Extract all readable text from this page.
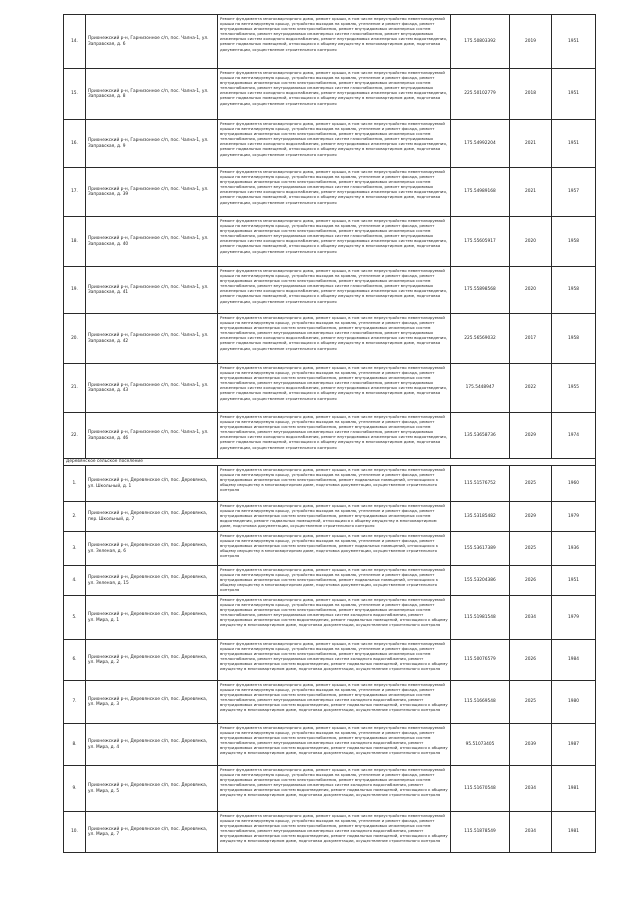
14.	Прионежский р-н, Гарнизонное с/п, пос. Чална-1, ул. Заправская, д. 6	Ремонт фундамента многоквартирного дома, ремонт крыши, в том числе переустройство невентилируемой крыши на вентилируемую крышу, устройство выходов на кровлю, утепление и ремонт фасада, ремонт внутридомовых инженерных систем электроснабжения, ремонт внутридомовых инженерных систем теплоснабжения, ремонт внутридомовых инженерных систем газоснабжения, ремонт внутридомовых инженерных систем холодного водоснабжения, ремонт внутридомовых инженерных систем водоотведения, ремонт подвальных помещений, относящихся к общему имуществу в многоквартирном доме, подготовка документации, осуществление строительного контроля	175.50803392	2019	1951
15.	Прионежский р-н, Гарнизонное с/п, пос. Чална-1, ул. Заправская, д. 8	Ремонт фундамента многоквартирного дома, ремонт крыши, в том числе переустройство невентилируемой крыши на вентилируемую крышу, устройство выходов на кровлю, утепление и ремонт фасада, ремонт внутридомовых инженерных систем электроснабжения, ремонт внутридомовых инженерных систем теплоснабжения, ремонт внутридомовых инженерных систем газоснабжения, ремонт внутридомовых инженерных систем холодного водоснабжения, ремонт внутридомовых инженерных систем водоотведения, ремонт подвальных помещений, относящихся к общему имуществу в многоквартирном доме, подготовка документации, осуществление строительного контроля	225.50102779	2018	1951
16.	Прионежский р-н, Гарнизонное с/п, пос. Чална-1, ул. Заправская, д. 9	Ремонт фундамента многоквартирного дома, ремонт крыши, в том числе переустройство невентилируемой крыши на вентилируемую крышу, устройство выходов на кровлю, утепление и ремонт фасада, ремонт внутридомовых инженерных систем электроснабжения, ремонт внутридомовых инженерных систем теплоснабжения, ремонт внутридомовых инженерных систем газоснабжения, ремонт внутридомовых инженерных систем холодного водоснабжения, ремонт внутридомовых инженерных систем водоотведения, ремонт подвальных помещений, относящихся к общему имуществу в многоквартирном доме, подготовка документации, осуществление строительного контроля	175.54992204	2021	1951
17.	Прионежский р-н, Гарнизонное с/п, пос. Чална-1, ул. Заправская, д. 39	Ремонт фундамента многоквартирного дома, ремонт крыши, в том числе переустройство невентилируемой крыши на вентилируемую крышу, устройство выходов на кровлю, утепление и ремонт фасада, ремонт внутридомовых инженерных систем электроснабжения, ремонт внутридомовых инженерных систем теплоснабжения, ремонт внутридомовых инженерных систем газоснабжения, ремонт внутридомовых инженерных систем холодного водоснабжения, ремонт внутридомовых инженерных систем водоотведения, ремонт подвальных помещений, относящихся к общему имуществу в многоквартирном доме, подготовка документации, осуществление строительного контроля	175.54989168	2021	1957
18.	Прионежский р-н, Гарнизонное с/п, пос. Чална-1, ул. Заправская, д. 40	Ремонт фундамента многоквартирного дома, ремонт крыши, в том числе переустройство невентилируемой крыши на вентилируемую крышу, устройство выходов на кровлю, утепление и ремонт фасада, ремонт внутридомовых инженерных систем электроснабжения, ремонт внутридомовых инженерных систем теплоснабжения, ремонт внутридомовых инженерных систем газоснабжения, ремонт внутридомовых инженерных систем холодного водоснабжения, ремонт внутридомовых инженерных систем водоотведения, ремонт подвальных помещений, относящихся к общему имуществу в многоквартирном доме, подготовка документации, осуществление строительного контроля	175.55605917	2020	1958
19.	Прионежский р-н, Гарнизонное с/п, пос. Чална-1, ул. Заправская, д. 41	Ремонт фундамента многоквартирного дома, ремонт крыши, в том числе переустройство невентилируемой крыши на вентилируемую крышу, устройство выходов на кровлю, утепление и ремонт фасада, ремонт внутридомовых инженерных систем электроснабжения, ремонт внутридомовых инженерных систем теплоснабжения, ремонт внутридомовых инженерных систем газоснабжения, ремонт внутридомовых инженерных систем холодного водоснабжения, ремонт внутридомовых инженерных систем водоотведения, ремонт подвальных помещений, относящихся к общему имуществу в многоквартирном доме, подготовка документации, осуществление строительного контроля	175.55898568	2020	1958
20.	Прионежский р-н, Гарнизонное с/п, пос. Чална-1, ул. Заправская, д. 42	Ремонт фундамента многоквартирного дома, ремонт крыши, в том числе переустройство невентилируемой крыши на вентилируемую крышу, устройство выходов на кровлю, утепление и ремонт фасада, ремонт внутридомовых инженерных систем электроснабжения, ремонт внутридомовых инженерных систем теплоснабжения, ремонт внутридомовых инженерных систем газоснабжения, ремонт внутридомовых инженерных систем холодного водоснабжения, ремонт внутридомовых инженерных систем водоотведения, ремонт подвальных помещений, относящихся к общему имуществу в многоквартирном доме, подготовка документации, осуществление строительного контроля	225.56569032	2017	1958
21.	Прионежский р-н, Гарнизонное с/п, пос. Чална-1, ул. Заправская, д. 43	Ремонт фундамента многоквартирного дома, ремонт крыши, в том числе переустройство невентилируемой крыши на вентилируемую крышу, устройство выходов на кровлю, утепление и ремонт фасада, ремонт внутридомовых инженерных систем электроснабжения, ремонт внутридомовых инженерных систем теплоснабжения, ремонт внутридомовых инженерных систем газоснабжения, ремонт внутридомовых инженерных систем холодного водоснабжения, ремонт внутридомовых инженерных систем водоотведения, ремонт подвальных помещений, относящихся к общему имуществу в многоквартирном доме, подготовка документации, осуществление строительного контроля	175.5448947	2022	1955
22.	Прионежский р-н, Гарнизонное с/п, пос. Чална-1, ул. Заправская, д. 46	Ремонт фундамента многоквартирного дома, ремонт крыши, в том числе переустройство невентилируемой крыши на вентилируемую крышу, устройство выходов на кровлю, утепление и ремонт фасада, ремонт внутридомовых инженерных систем электроснабжения, ремонт внутридомовых инженерных систем теплоснабжения, ремонт внутридомовых инженерных систем газоснабжения, ремонт внутридомовых инженерных систем холодного водоснабжения, ремонт внутридомовых инженерных систем водоотведения, ремонт подвальных помещений, относящихся к общему имуществу в многоквартирном доме, подготовка документации, осуществление строительного контроля	135.53658736	2029	1974
Деревянское сельское поселение					
1.	Прионежский р-н, Деревянское с/п, пос. Деревянка, ул. Школьный, д. 1	Ремонт фундамента многоквартирного дома, ремонт крыши, в том числе переустройство невентилируемой крыши на вентилируемую крышу, устройство выходов на кровлю, утепление и ремонт фасада, ремонт внутридомовых инженерных систем электроснабжения, ремонт подвальных помещений, относящихся к общему имуществу в многоквартирном доме, подготовка документации, осуществление строительного контроля	115.51576752	2025	1960
2.	Прионежский р-н, Деревянское с/п, пос. Деревянка, пер. Школьный, д. 7	Ремонт фундамента многоквартирного дома, ремонт крыши, в том числе переустройство невентилируемой крыши на вентилируемую крышу, устройство выходов на кровлю, утепление и ремонт фасада, ремонт внутридомовых инженерных систем электроснабжения, ремонт внутридомовых инженерных систем водоотведения, ремонт подвальных помещений, относящихся к общему имуществу в многоквартирном доме, подготовка документации, осуществление строительного контроля	135.53185482	2029	1979
3.	Прионежский р-н, Деревянское с/п, пос. Деревянка, ул. Зеленая, д. 6	Ремонт фундамента многоквартирного дома, ремонт крыши, в том числе переустройство невентилируемой крыши на вентилируемую крышу, устройство выходов на кровлю, утепление и ремонт фасада, ремонт внутридомовых инженерных систем электроснабжения, ремонт подвальных помещений, относящихся к общему имуществу в многоквартирном доме, подготовка документации, осуществление строительного контроля	155.53617389	2025	1936
4.	Прионежский р-н, Деревянское с/п, пос. Деревянка, ул. Зеленая, д. 15	Ремонт фундамента многоквартирного дома, ремонт крыши, в том числе переустройство невентилируемой крыши на вентилируемую крышу, устройство выходов на кровлю, утепление и ремонт фасада, ремонт внутридомовых инженерных систем электроснабжения, ремонт подвальных помещений, относящихся к общему имуществу в многоквартирном доме, подготовка документации, осуществление строительного контроля	155.53204386	2026	1951
5.	Прионежский р-н, Деревянское с/п, пос. Деревянка, ул. Мира, д. 1	Ремонт фундамента многоквартирного дома, ремонт крыши, в том числе переустройство невентилируемой крыши на вентилируемую крышу, устройство выходов на кровлю, утепление и ремонт фасада, ремонт внутридомовых инженерных систем электроснабжения, ремонт внутридомовых инженерных систем теплоснабжения, ремонт внутридомовых инженерных систем холодного водоснабжения, ремонт внутридомовых инженерных систем водоотведения, ремонт подвальных помещений, относящихся к общему имуществу в многоквартирном доме, подготовка документации, осуществление строительного контроля	115.51981548	2034	1979
6.	Прионежский р-н, Деревянское с/п, пос. Деревянка, ул. Мира, д. 2	Ремонт фундамента многоквартирного дома, ремонт крыши, в том числе переустройство невентилируемой крыши на вентилируемую крышу, устройство выходов на кровлю, утепление и ремонт фасада, ремонт внутридомовых инженерных систем электроснабжения, ремонт внутридомовых инженерных систем теплоснабжения, ремонт внутридомовых инженерных систем холодного водоснабжения, ремонт внутридомовых инженерных систем водоотведения, ремонт подвальных помещений, относящихся к общему имуществу в многоквартирном доме, подготовка документации, осуществление строительного контроля	115.50076579	2026	1984
7.	Прионежский р-н, Деревянское с/п, пос. Деревянка, ул. Мира, д. 3	Ремонт фундамента многоквартирного дома, ремонт крыши, в том числе переустройство невентилируемой крыши на вентилируемую крышу, устройство выходов на кровлю, утепление и ремонт фасада, ремонт внутридомовых инженерных систем электроснабжения, ремонт внутридомовых инженерных систем теплоснабжения, ремонт внутридомовых инженерных систем холодного водоснабжения, ремонт внутридомовых инженерных систем водоотведения, ремонт подвальных помещений, относящихся к общему имуществу в многоквартирном доме, подготовка документации, осуществление строительного контроля	115.51669548	2025	1980
8.	Прионежский р-н, Деревянское с/п, пос. Деревянка, ул. Мира, д. 4	Ремонт фундамента многоквартирного дома, ремонт крыши, в том числе переустройство невентилируемой крыши на вентилируемую крышу, устройство выходов на кровлю, утепление и ремонт фасада, ремонт внутридомовых инженерных систем электроснабжения, ремонт внутридомовых инженерных систем теплоснабжения, ремонт внутридомовых инженерных систем холодного водоснабжения, ремонт внутридомовых инженерных систем водоотведения, ремонт подвальных помещений, относящихся к общему имуществу в многоквартирном доме, подготовка документации, осуществление строительного контроля	95.51073405	2039	1987
9.	Прионежский р-н, Деревянское с/п, пос. Деревянка, ул. Мира, д. 5	Ремонт фундамента многоквартирного дома, ремонт крыши, в том числе переустройство невентилируемой крыши на вентилируемую крышу, устройство выходов на кровлю, утепление и ремонт фасада, ремонт внутридомовых инженерных систем электроснабжения, ремонт внутридомовых инженерных систем теплоснабжения, ремонт внутридомовых инженерных систем холодного водоснабжения, ремонт внутридомовых инженерных систем водоотведения, ремонт подвальных помещений, относящихся к общему имуществу в многоквартирном доме, подготовка документации, осуществление строительного контроля	115.51670548	2034	1981
10.	Прионежский р-н, Деревянское с/п, пос. Деревянка, ул. Мира, д. 7	Ремонт фундамента многоквартирного дома, ремонт крыши, в том числе переустройство невентилируемой крыши на вентилируемую крышу, устройство выходов на кровлю, утепление и ремонт фасада, ремонт внутридомовых инженерных систем электроснабжения, ремонт внутридомовых инженерных систем теплоснабжения, ремонт внутридомовых инженерных систем холодного водоснабжения, ремонт внутридомовых инженерных систем водоотведения, ремонт подвальных помещений, относящихся к общему имуществу в многоквартирном доме, подготовка документации, осуществление строительного контроля	115.51878549	2034	1981
